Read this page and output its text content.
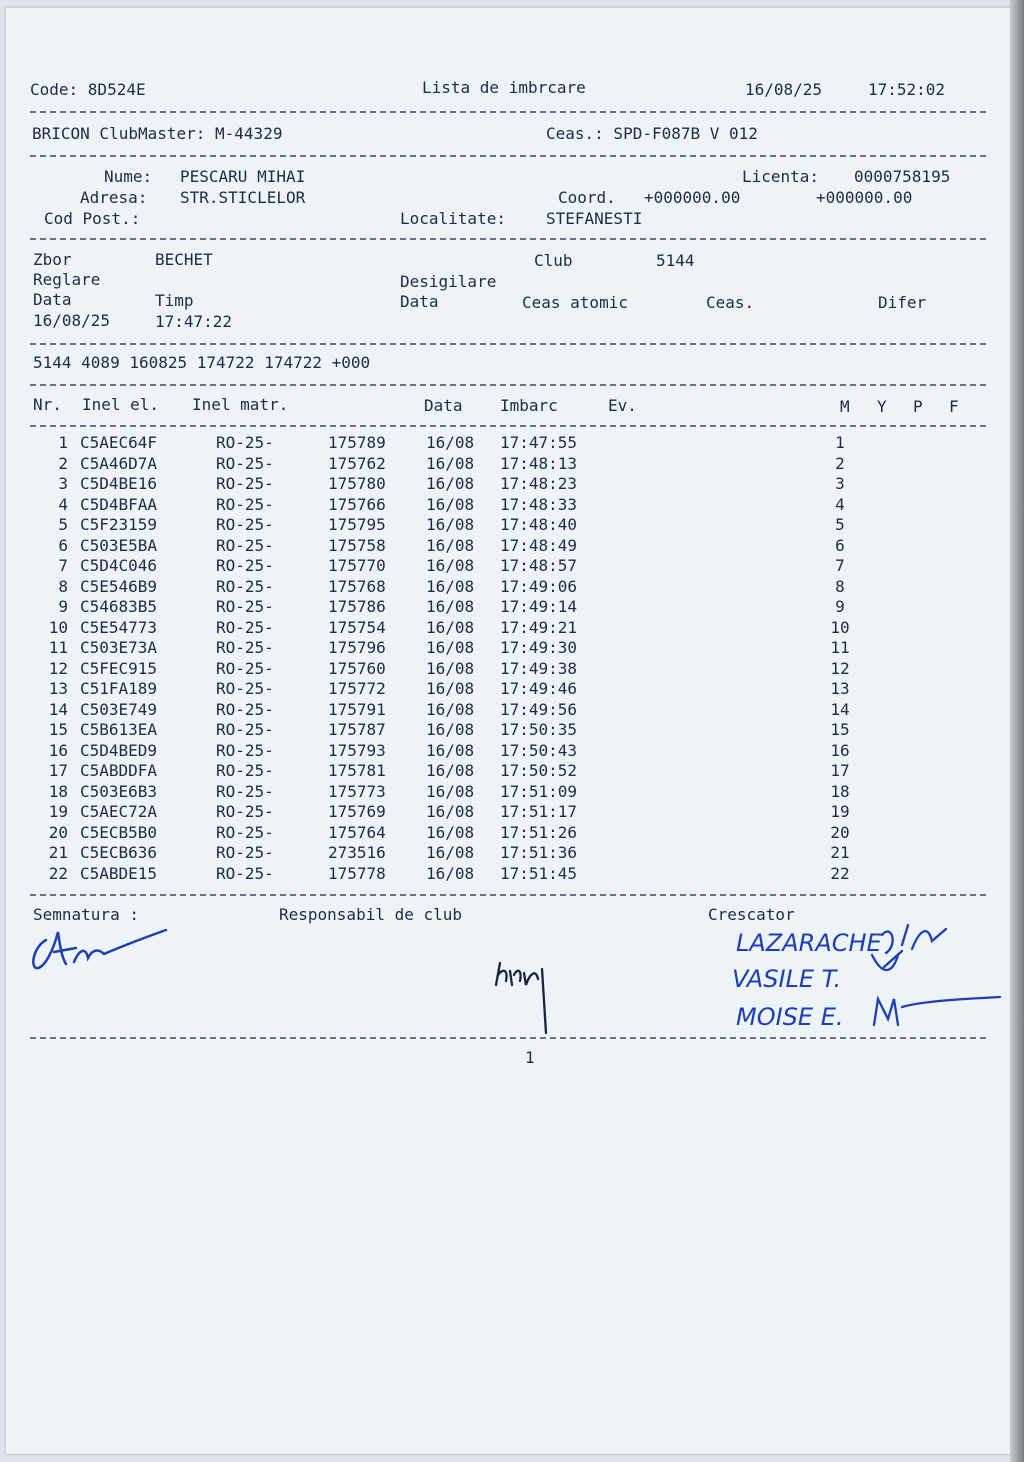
Code: 8D524E	Lista de imbrcare	16/08/25	17:52:02
BRICON ClubMaster: M-44329	Ceas.: SPD-F087B V 012
Nume: PESCARU MIHAI	Licenta: 0000758195
Adresa: STR.STICLELOR	Coord. +000000.00	+000000.00
Cod Post.:	Localitate:	STEFANESTI
Zbor	BECHET	Club	5144
Reglare	Desigilare
Data	Timp	Data	Ceas atomic	Ceas.	Difer
16/08/25	17:47:22
5144 4089 160825 174722 174722 +000
Nr. Inel el. Inel matr.	Data Imbarc	Ev.	M Y P F
1 C5AEC64F	RO-25-	175789	16/08 17:47:55	1
2 C5A46D7A	RO-25-	175762	16/08 17:48:13	2
3 C5D4BE16	RO-25-	175780	16/08 17:48:23	3
4 C5D4BFAA	RO-25-	175766	16/08 17:48:33	4
5 C5F23159	RO-25-	175795	16/08 17:48:40	5
6 C503E5BA	RO-25-	175758	16/08 17:48:49	6
7 C5D4C046	RO-25-	175770	16/08 17:48:57	7
8 C5E546B9	RO-25-	175768	16/08 17:49:06	8
9 C54683B5	RO-25-	175786	16/08 17:49:14	9
10 C5E54773	RO-25-	175754	16/08 17:49:21	10
11 C503E73A	RO-25-	175796	16/08 17:49:30	11
12 C5FEC915	RO-25-	175760	16/08 17:49:38	12
13 C51FA189	RO-25-	175772	16/08 17:49:46	13
14 C503E749	RO-25-	175791	16/08 17:49:56	14
15 C5B613EA	RO-25-	175787	16/08 17:50:35	15
16 C5D4BED9	RO-25-	175793	16/08 17:50:43	16
17 C5ABDDFA	RO-25-	175781	16/08 17:50:52	17
18 C503E6B3	RO-25-	175773	16/08 17:51:09	18
19 C5AEC72A	RO-25-	175769	16/08 17:51:17	19
20 C5ECB5B0	RO-25-	175764	16/08 17:51:26	20
21 C5ECB636	RO-25-	273516	16/08 17:51:36	21
22 C5ABDE15	RO-25-	175778	16/08 17:51:45	22
Semnatura :	Responsabil de club	Crescator
LAZARACHE
VASILE T.
MOISE E.
1
